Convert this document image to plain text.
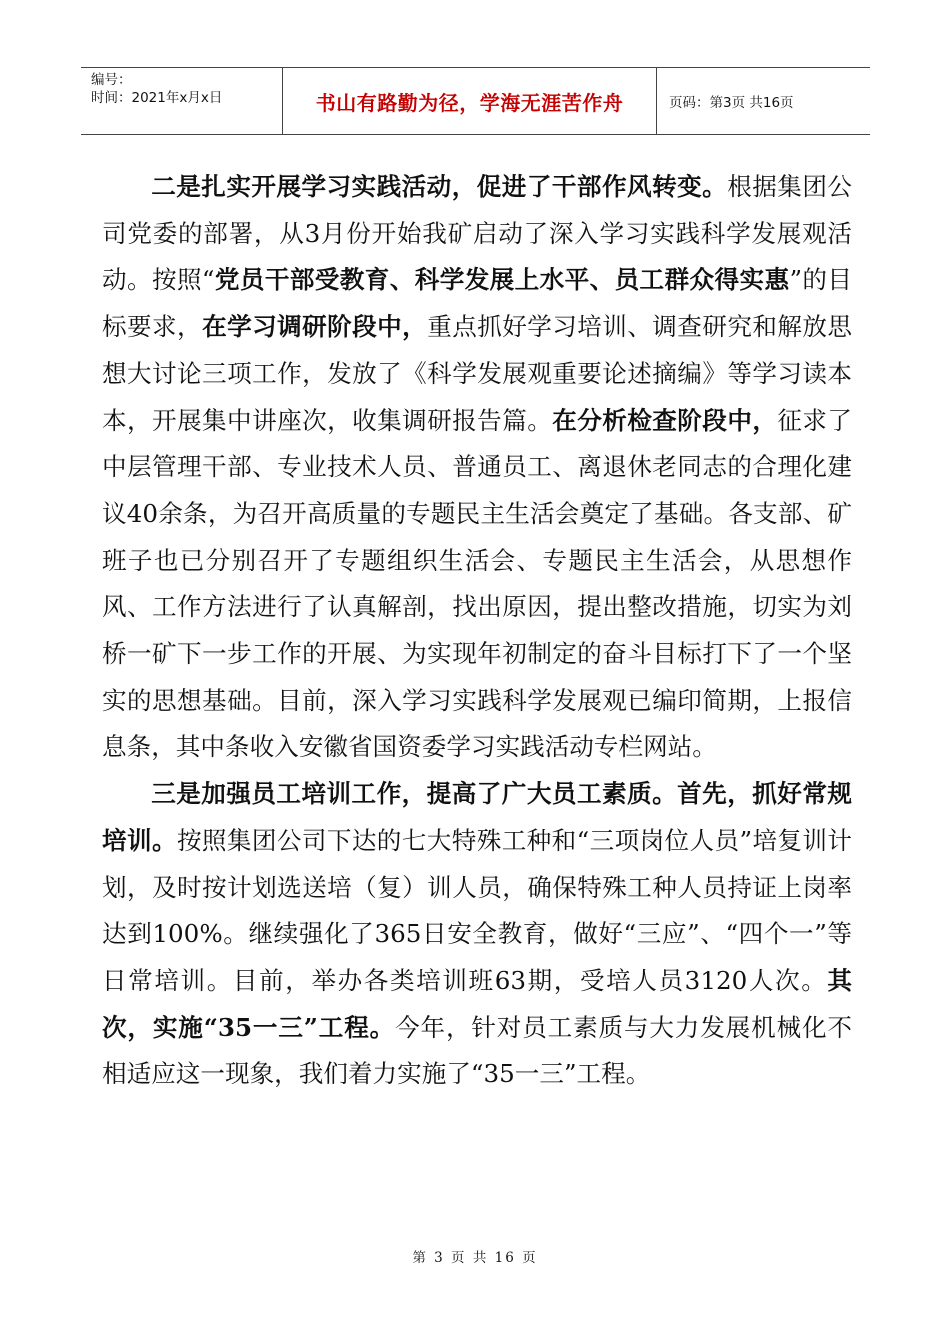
编号：
时间：2021年x月x日	书山有路勤为径，学海无涯苦作舟	页码：第3页 共16页

二是扎实开展学习实践活动，促进了干部作风转变。根据集团公司党委的部署，从3月份开始我矿启动了深入学习实践科学发展观活动。按照“党员干部受教育、科学发展上水平、员工群众得实惠”的目标要求，在学习调研阶段中，重点抓好学习培训、调查研究和解放思想大讨论三项工作，发放了《科学发展观重要论述摘编》等学习读本本，开展集中讲座次，收集调研报告篇。在分析检查阶段中，征求了中层管理干部、专业技术人员、普通员工、离退休老同志的合理化建议40余条，为召开高质量的专题民主生活会奠定了基础。各支部、矿班子也已分别召开了专题组织生活会、专题民主生活会，从思想作风、工作方法进行了认真解剖，找出原因，提出整改措施，切实为刘桥一矿下一步工作的开展、为实现年初制定的奋斗目标打下了一个坚实的思想基础。目前，深入学习实践科学发展观已编印简期，上报信息条，其中条收入安徽省国资委学习实践活动专栏网站。

三是加强员工培训工作，提高了广大员工素质。首先，抓好常规培训。按照集团公司下达的七大特殊工种和“三项岗位人员”培复训计划，及时按计划选送培（复）训人员，确保特殊工种人员持证上岗率达到100%。继续强化了365日安全教育，做好“三应”、“四个一”等日常培训。目前，举办各类培训班63期，受培人员3120人次。其次，实施“35一三”工程。今年，针对员工素质与大力发展机械化不相适应这一现象，我们着力实施了“35一三”工程。

第 3 页 共 16 页
